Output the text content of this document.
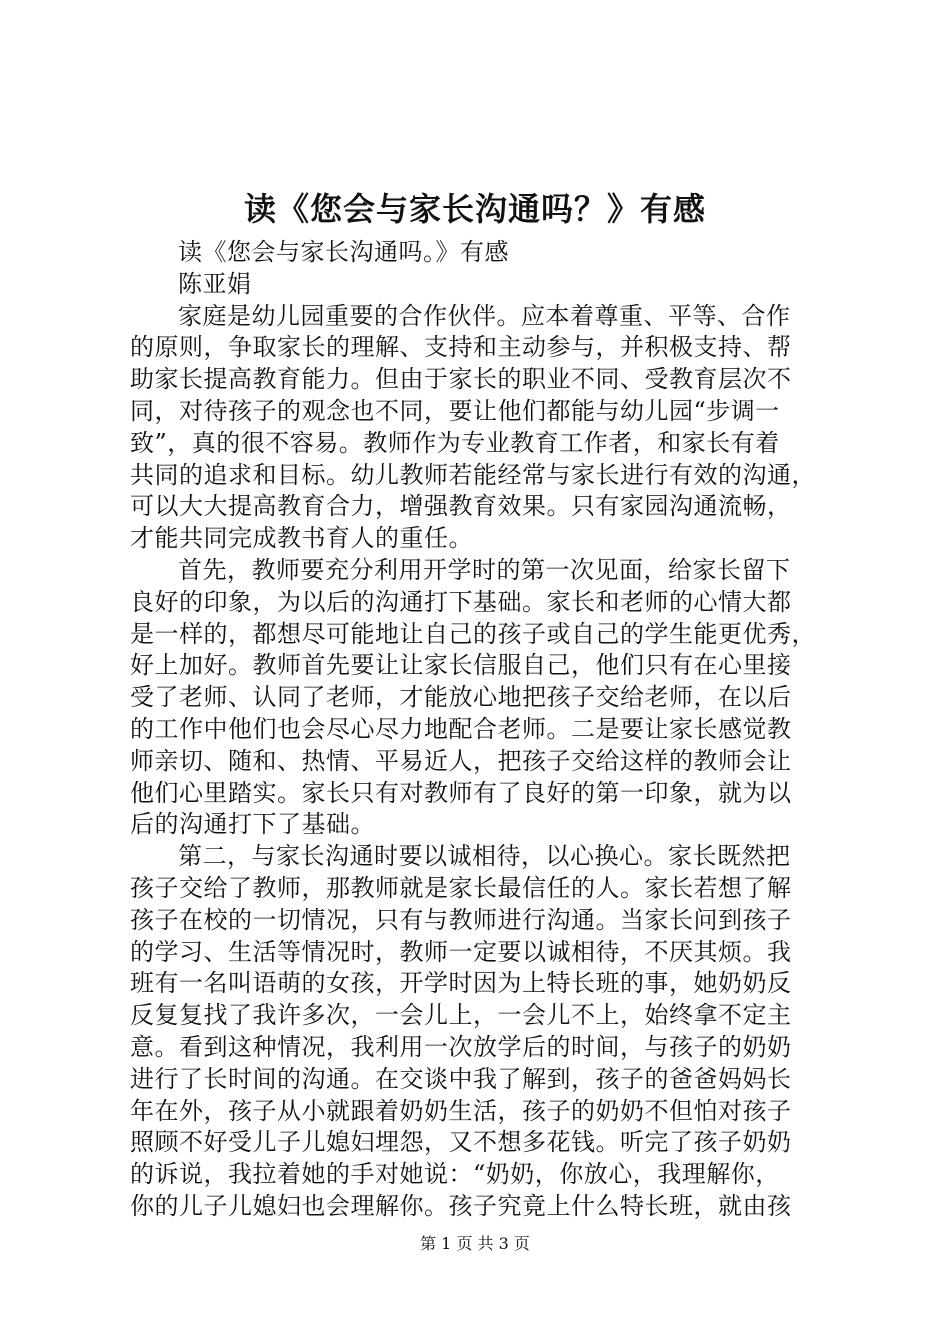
读《您会与家长沟通吗？》有感
读《您会与家长沟通吗。》有感
陈亚娟
家庭是幼儿园重要的合作伙伴。应本着尊重、平等、合作
的原则，争取家长的理解、支持和主动参与，并积极支持、帮
助家长提高教育能力。但由于家长的职业不同、受教育层次不
同，对待孩子的观念也不同，要让他们都能与幼儿园“步调一
致”，真的很不容易。教师作为专业教育工作者，和家长有着
共同的追求和目标。幼儿教师若能经常与家长进行有效的沟通，
可以大大提高教育合力，增强教育效果。只有家园沟通流畅，
才能共同完成教书育人的重任。
首先，教师要充分利用开学时的第一次见面，给家长留下
良好的印象，为以后的沟通打下基础。家长和老师的心情大都
是一样的，都想尽可能地让自己的孩子或自己的学生能更优秀，
好上加好。教师首先要让让家长信服自己，他们只有在心里接
受了老师、认同了老师，才能放心地把孩子交给老师，在以后
的工作中他们也会尽心尽力地配合老师。二是要让家长感觉教
师亲切、随和、热情、平易近人，把孩子交给这样的教师会让
他们心里踏实。家长只有对教师有了良好的第一印象，就为以
后的沟通打下了基础。
第二，与家长沟通时要以诚相待，以心换心。家长既然把
孩子交给了教师，那教师就是家长最信任的人。家长若想了解
孩子在校的一切情况，只有与教师进行沟通。当家长问到孩子
的学习、生活等情况时，教师一定要以诚相待，不厌其烦。我
班有一名叫语萌的女孩，开学时因为上特长班的事，她奶奶反
反复复找了我许多次，一会儿上，一会儿不上，始终拿不定主
意。看到这种情况，我利用一次放学后的时间，与孩子的奶奶
进行了长时间的沟通。在交谈中我了解到，孩子的爸爸妈妈长
年在外，孩子从小就跟着奶奶生活，孩子的奶奶不但怕对孩子
照顾不好受儿子儿媳妇埋怨，又不想多花钱。听完了孩子奶奶
的诉说，我拉着她的手对她说：“奶奶，你放心，我理解你，
你的儿子儿媳妇也会理解你。孩子究竟上什么特长班，就由孩
第 1 页 共 3 页
